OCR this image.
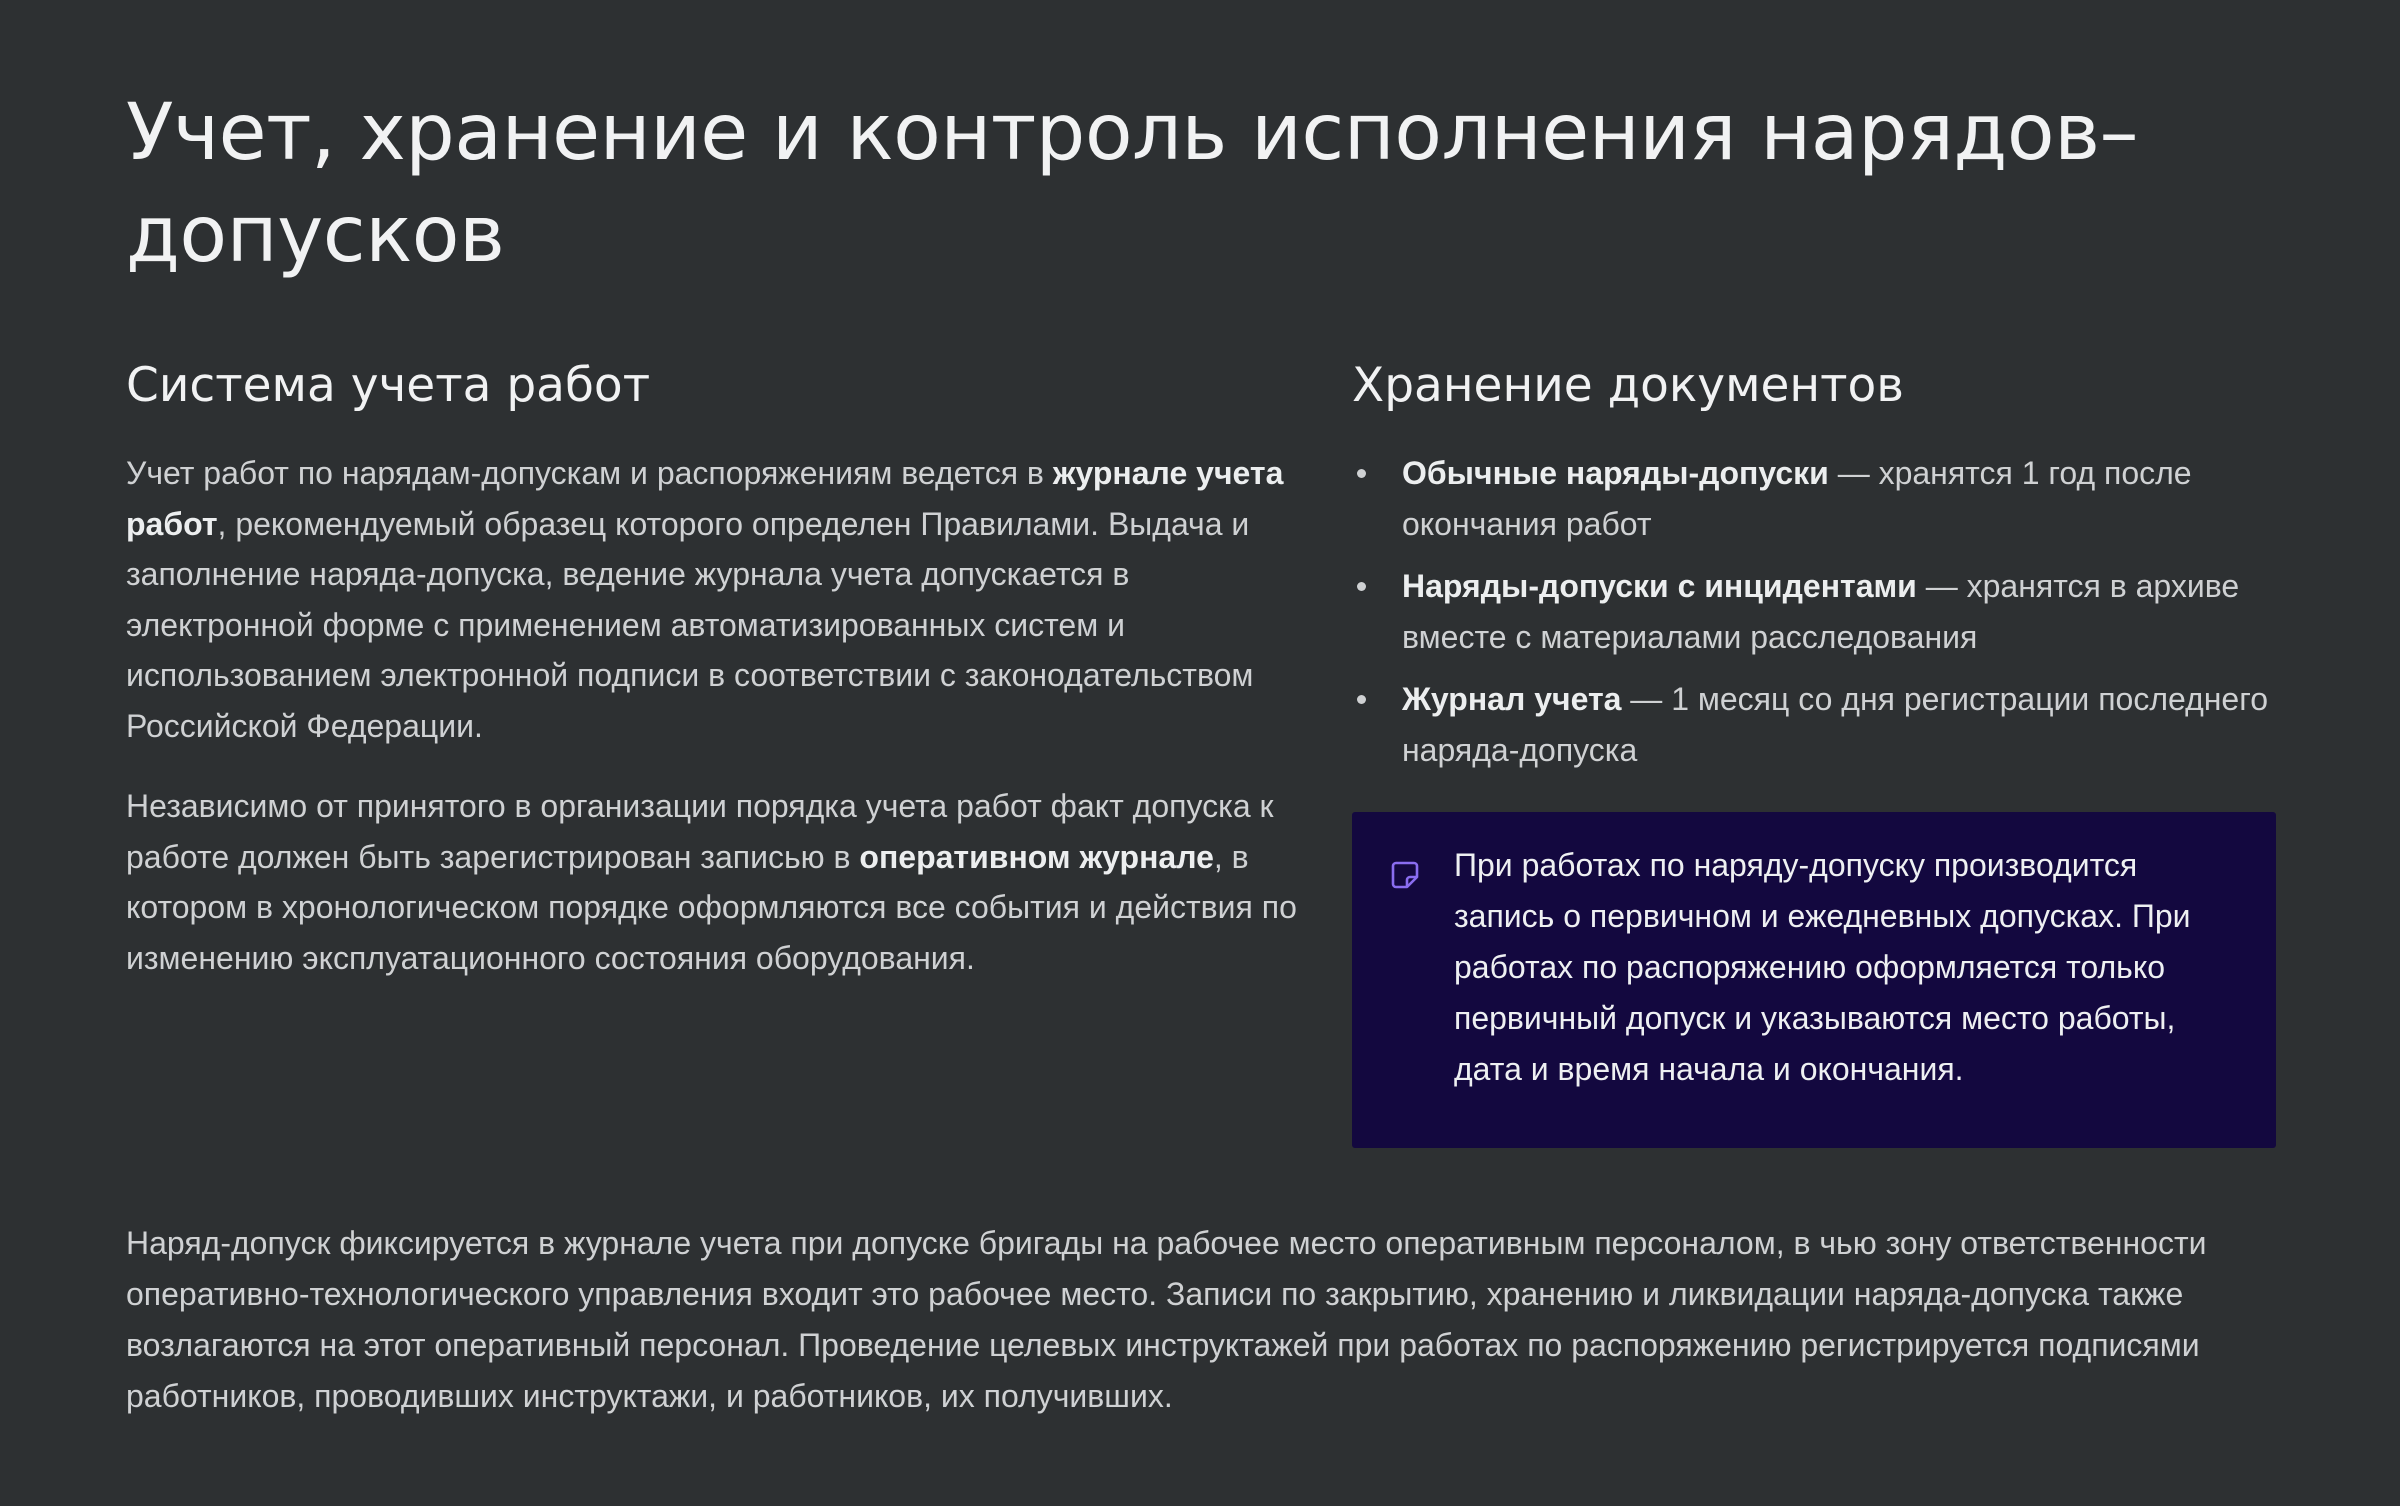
Учет, хранение и контроль исполнения нарядов–допусков
Система учета работ

Учет работ по нарядам-допускам и распоряжениям ведется в журнале учета работ, рекомендуемый образец которого определен Правилами. Выдача и заполнение наряда-допуска, ведение журнала учета допускается в электронной форме с применением автоматизированных систем и использованием электронной подписи в соответствии с законодательством Российской Федерации.

Независимо от принятого в организации порядка учета работ факт допуска к работе должен быть зарегистрирован записью в оперативном журнале, в котором в хронологическом порядке оформляются все события и действия по изменению эксплуатационного состояния оборудования.

Хранение документов
Обычные наряды-допуски — хранятся 1 год после окончания работ
Наряды-допуски с инцидентами — хранятся в архиве вместе с материалами расследования
Журнал учета — 1 месяц со дня регистрации последнего наряда-допуска

При работах по наряду-допуску производится запись о первичном и ежедневных допусках. При работах по распоряжению оформляется только первичный допуск и указываются место работы, дата и время начала и окончания.

Наряд-допуск фиксируется в журнале учета при допуске бригады на рабочее место оперативным персоналом, в чью зону ответственности оперативно-технологического управления входит это рабочее место. Записи по закрытию, хранению и ликвидации наряда-допуска также возлагаются на этот оперативный персонал. Проведение целевых инструктажей при работах по распоряжению регистрируется подписями работников, проводивших инструктажи, и работников, их получивших.
